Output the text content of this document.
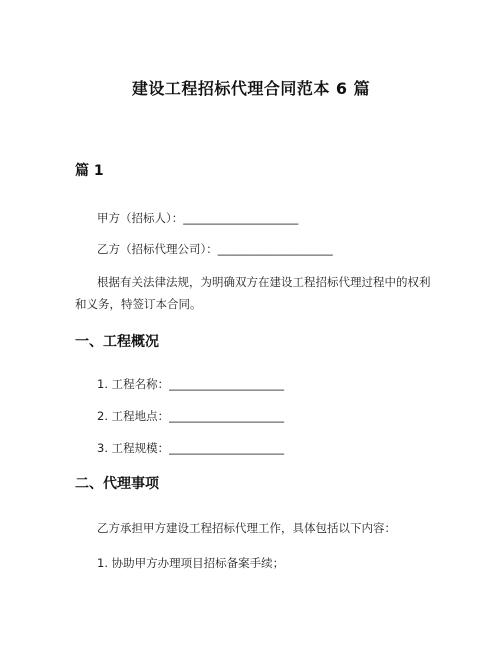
建设工程招标代理合同范本 6 篇
篇 1
甲方（招标人）：____________________
乙方（招标代理公司）：____________________
根据有关法律法规，为明确双方在建设工程招标代理过程中的权利和义务，特签订本合同。
一、工程概况
1. 工程名称：____________________
2. 工程地点：____________________
3. 工程规模：____________________
二、代理事项
乙方承担甲方建设工程招标代理工作，具体包括以下内容：
1. 协助甲方办理项目招标备案手续；
